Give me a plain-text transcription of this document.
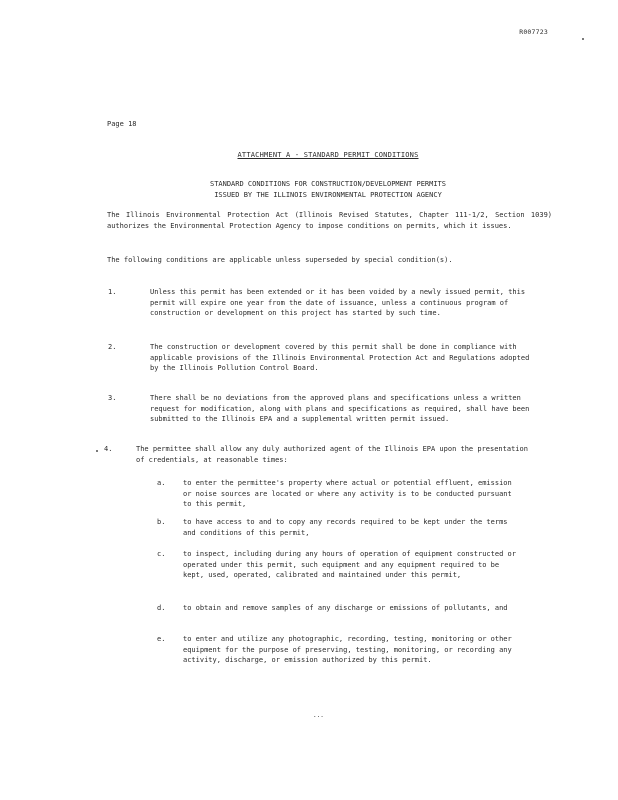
R007723
Page 18
ATTACHMENT A - STANDARD PERMIT CONDITIONS
STANDARD CONDITIONS FOR CONSTRUCTION/DEVELOPMENT PERMITS
ISSUED BY THE ILLINOIS ENVIRONMENTAL PROTECTION AGENCY
The Illinois Environmental Protection Act (Illinois Revised Statutes, Chapter 111-1/2, Section 1039) authorizes the Environmental Protection Agency to impose conditions on permits, which it issues.
The following conditions are applicable unless superseded by special condition(s).
1.	Unless this permit has been extended or it has been voided by a newly issued permit, this permit will expire one year from the date of issuance, unless a continuous program of construction or development on this project has started by such time.
2.	The construction or development covered by this permit shall be done in compliance with applicable provisions of the Illinois Environmental Protection Act and Regulations adopted by the Illinois Pollution Control Board.
3.	There shall be no deviations from the approved plans and specifications unless a written request for modification, along with plans and specifications as required, shall have been submitted to the Illinois EPA and a supplemental written permit issued.
4.	The permittee shall allow any duly authorized agent of the Illinois EPA upon the presentation of credentials, at reasonable times:
a.	to enter the permittee's property where actual or potential effluent, emission or noise sources are located or where any activity is to be conducted pursuant to this permit,
b.	to have access to and to copy any records required to be kept under the terms and conditions of this permit,
c.	to inspect, including during any hours of operation of equipment constructed or operated under this permit, such equipment and any equipment required to be kept, used, operated, calibrated and maintained under this permit,
d.	to obtain and remove samples of any discharge or emissions of pollutants, and
e.	to enter and utilize any photographic, recording, testing, monitoring or other equipment for the purpose of preserving, testing, monitoring, or recording any activity, discharge, or emission authorized by this permit.
...
